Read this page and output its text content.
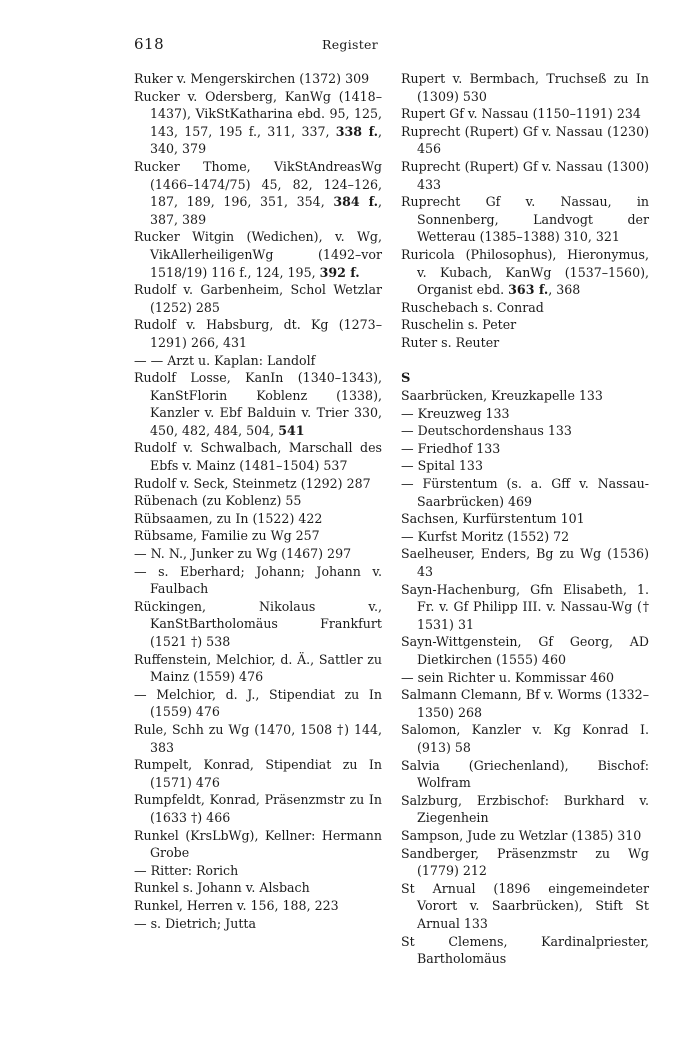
618	Register

Ruker v. Mengerskirchen (1372) 309

Rucker v. Odersberg, KanWg (1418–1437), VikStKatharina ebd. 95, 125, 143, 157, 195 f., 311, 337, 338 f., 340, 379

Rucker Thome, VikStAndreasWg (1466–1474/75) 45, 82, 124–126, 187, 189, 196, 351, 354, 384 f., 387, 389

Rucker Witgin (Wedichen), v. Wg, VikAllerheiligenWg (1492–vor 1518/19) 116 f., 124, 195, 392 f.

Rudolf v. Garbenheim, Schol Wetzlar (1252) 285

Rudolf v. Habsburg, dt. Kg (1273–1291) 266, 431

— — Arzt u. Kaplan: Landolf

Rudolf Losse, KanIn (1340–1343), KanStFlorin Koblenz (1338), Kanzler v. Ebf Balduin v. Trier 330, 450, 482, 484, 504, 541

Rudolf v. Schwalbach, Marschall des Ebfs v. Mainz (1481–1504) 537

Rudolf v. Seck, Steinmetz (1292) 287

Rübenach (zu Koblenz) 55

Rübsaamen, zu In (1522) 422

Rübsame, Familie zu Wg 257

— N. N., Junker zu Wg (1467) 297

— s. Eberhard; Johann; Johann v. Faulbach

Rückingen, Nikolaus v., KanStBartholomäus Frankfurt (1521 †) 538

Ruffenstein, Melchior, d. Ä., Sattler zu Mainz (1559) 476

— Melchior, d. J., Stipendiat zu In (1559) 476

Rule, Schh zu Wg (1470, 1508 †) 144, 383

Rumpelt, Konrad, Stipendiat zu In (1571) 476

Rumpfeldt, Konrad, Präsenzmstr zu In (1633 †) 466

Runkel (KrsLbWg), Kellner: Hermann Grobe

— Ritter: Rorich

Runkel s. Johann v. Alsbach

Runkel, Herren v. 156, 188, 223

— s. Dietrich; Jutta

Rupert v. Bermbach, Truchseß zu In (1309) 530

Rupert Gf v. Nassau (1150–1191) 234

Ruprecht (Rupert) Gf v. Nassau (1230) 456

Ruprecht (Rupert) Gf v. Nassau (1300) 433

Ruprecht Gf v. Nassau, in Sonnenberg, Landvogt der Wetterau (1385–1388) 310, 321

Ruricola (Philosophus), Hieronymus, v. Kubach, KanWg (1537–1560), Organist ebd. 363 f., 368

Ruschebach s. Conrad

Ruschelin s. Peter

Ruter s. Reuter

S

Saarbrücken, Kreuzkapelle 133

— Kreuzweg 133

— Deutschordenshaus 133

— Friedhof 133

— Spital 133

— Fürstentum (s. a. Gff v. Nassau-Saarbrücken) 469

Sachsen, Kurfürstentum 101

— Kurfst Moritz (1552) 72

Saelheuser, Enders, Bg zu Wg (1536) 43

Sayn-Hachenburg, Gfn Elisabeth, 1. Fr. v. Gf Philipp III. v. Nassau-Wg († 1531) 31

Sayn-Wittgenstein, Gf Georg, AD Dietkirchen (1555) 460

— sein Richter u. Kommissar 460

Salmann Clemann, Bf v. Worms (1332–1350) 268

Salomon, Kanzler v. Kg Konrad I. (913) 58

Salvia (Griechenland), Bischof: Wolfram

Salzburg, Erzbischof: Burkhard v. Ziegenhein

Sampson, Jude zu Wetzlar (1385) 310

Sandberger, Präsenzmstr zu Wg (1779) 212

St Arnual (1896 eingemeindeter Vorort v. Saarbrücken), Stift St Arnual 133

St Clemens, Kardinalpriester, Bartholomäus
